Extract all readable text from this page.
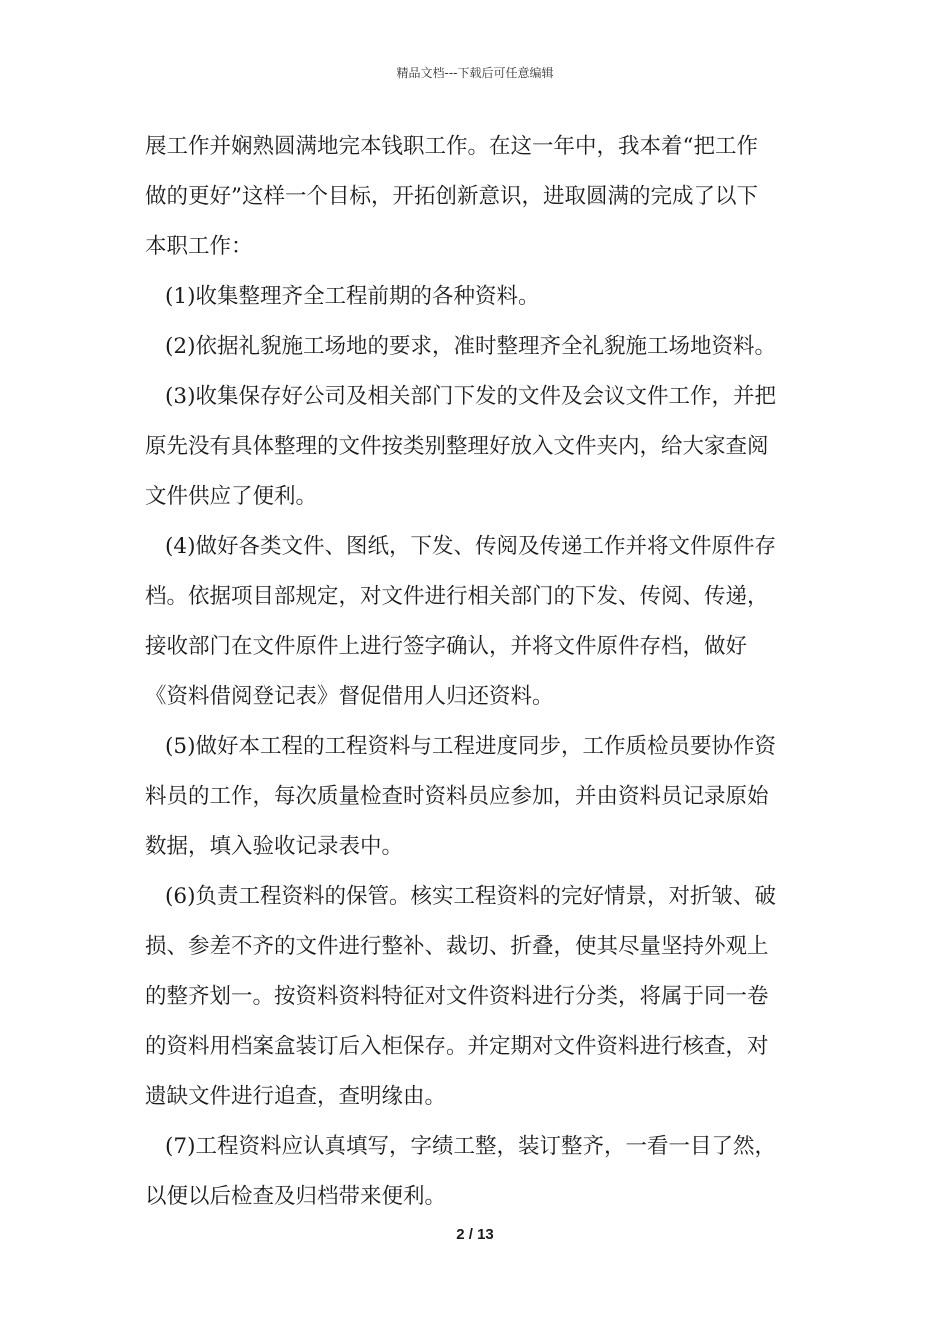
精品文档---下载后可任意编辑
展工作并娴熟圆满地完本钱职工作。在这一年中，我本着“把工作
做的更好”这样一个目标，开拓创新意识，进取圆满的完成了以下
本职工作：
(1)收集整理齐全工程前期的各种资料。
(2)依据礼貎施工场地的要求，准时整理齐全礼貎施工场地资料。
(3)收集保存好公司及相关部门下发的文件及会议文件工作，并把
原先没有具体整理的文件按类别整理好放入文件夹内，给大家查阅
文件供应了便利。
(4)做好各类文件、图纸，下发、传阅及传递工作并将文件原件存
档。依据项目部规定，对文件进行相关部门的下发、传阅、传递，
接收部门在文件原件上进行签字确认，并将文件原件存档，做好
《资料借阅登记表》督促借用人归还资料。
(5)做好本工程的工程资料与工程进度同步，工作质检员要协作资
料员的工作，每次质量检查时资料员应参加，并由资料员记录原始
数据，填入验收记录表中。
(6)负责工程资料的保管。核实工程资料的完好情景，对折皱、破
损、参差不齐的文件进行整补、裁切、折叠，使其尽量坚持外观上
的整齐划一。按资料资料特征对文件资料进行分类，将属于同一卷
的资料用档案盒装订后入柜保存。并定期对文件资料进行核查，对
遗缺文件进行追查，查明缘由。
(7)工程资料应认真填写，字绩工整，装订整齐，一看一目了然，
以便以后检查及归档带来便利。
2 / 13
